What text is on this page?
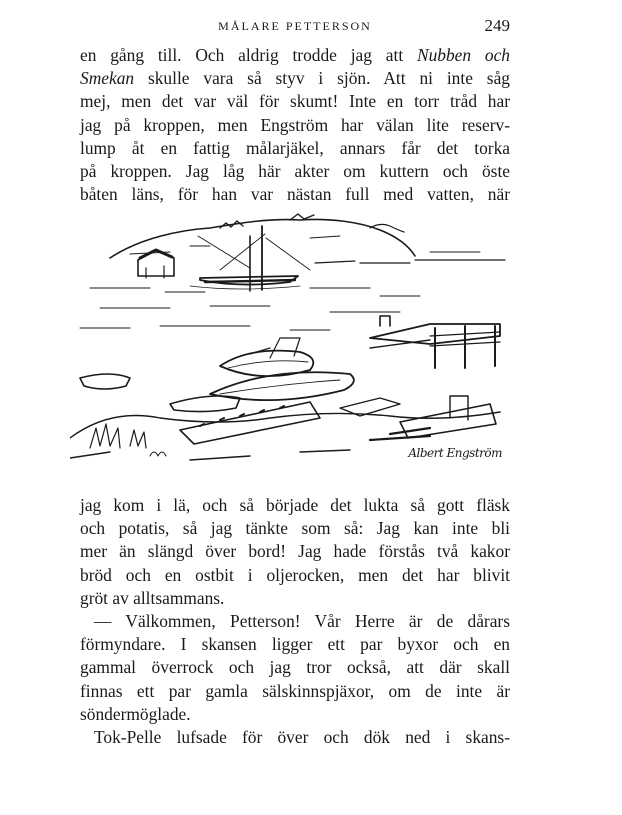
MÅLARE PETTERSON	249
en gång till. Och aldrig trodde jag att Nubben och
Smekan skulle vara så styv i sjön. Att ni inte såg
mej, men det var väl för skumt! Inte en torr tråd har
jag på kroppen, men Engström har välan lite reserv-
lump åt en fattig målarjäkel, annars får det torka
på kroppen. Jag låg här akter om kuttern och öste
båten läns, för han var nästan full med vatten, när
Albert Engström
jag kom i lä, och så började det lukta så gott fläsk
och potatis, så jag tänkte som så: Jag kan inte bli
mer än slängd över bord! Jag hade förstås två kakor
bröd och en ostbit i oljerocken, men det har blivit
gröt av alltsammans.
— Välkommen, Petterson! Vår Herre är de dårars
förmyndare. I skansen ligger ett par byxor och en
gammal överrock och jag tror också, att där skall
finnas ett par gamla sälskinnspjäxor, om de inte är
söndermöglade.
Tok-Pelle lufsade för över och dök ned i skans-
